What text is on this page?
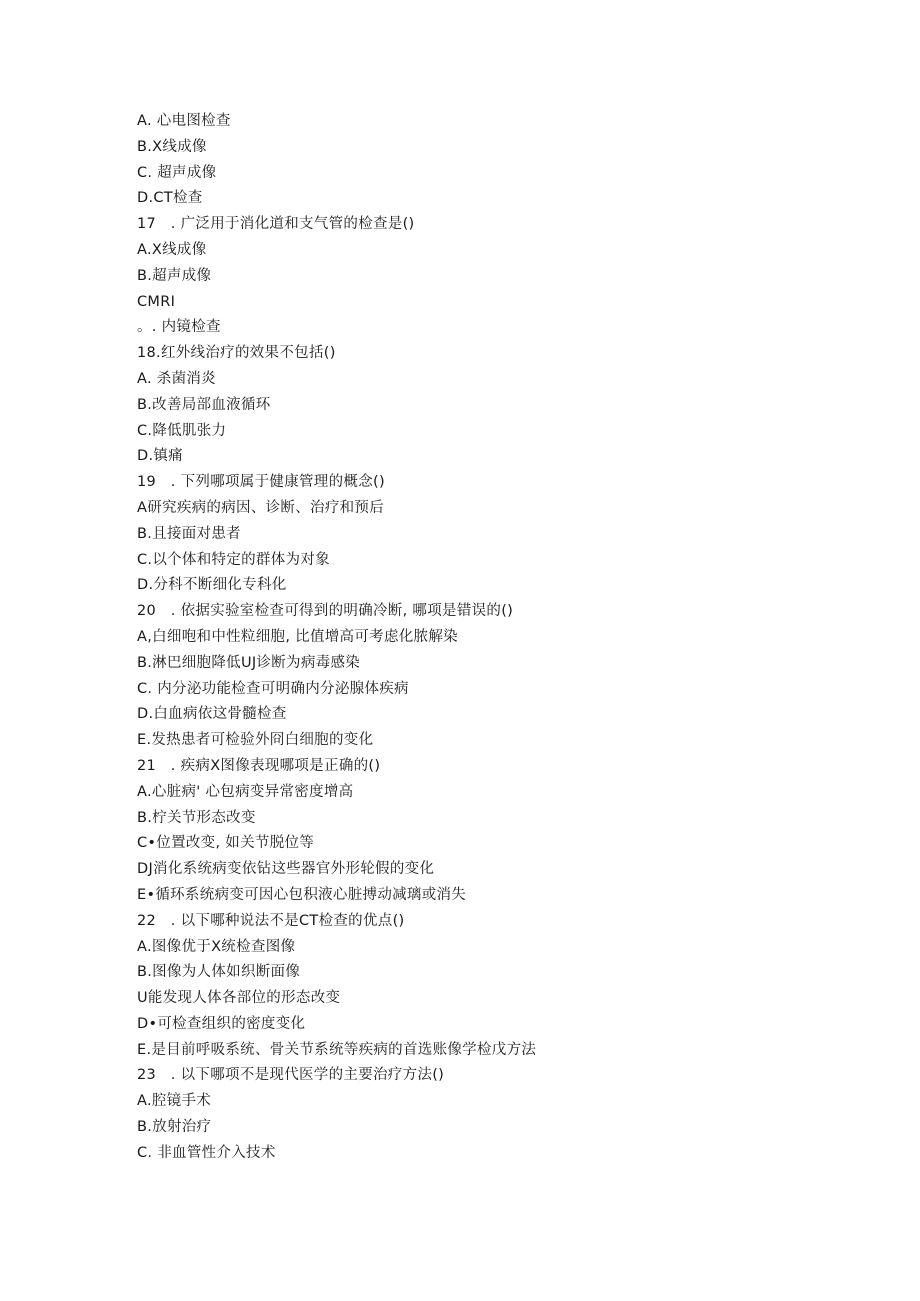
A. 心电图检查
B.X线成像
C. 超声成像
D.CT检查
17   . 广泛用于消化道和支气管的检查是()
A.X线成像
B.超声成像
CMRI
。. 内镜检查
18.红外线治疗的效果不包括()
A. 杀菌消炎
B.改善局部血液循环
C.降低肌张力
D.镇痛
19   . 下列哪项属于健康管理的概念()
A研究疾病的病因、诊断、治疗和预后
B.且接面对患者
C.以个体和特定的群体为对象
D.分科不断细化专科化
20   . 依据实验室检查可得到的明确冷断, 哪项是错误的()
A,白细咆和中性粒细胞, 比值增高可考虑化脓解染
B.淋巴细胞降低UJ诊断为病毒感染
C. 内分泌功能检查可明确内分泌腺体疾病
D.白血病依这骨髓检查
E.发热患者可检验外冏白细胞的变化
21   . 疾病X图像表现哪项是正确的()
A.心脏病' 心包病变异常密度增高
B.柠关节形态改变
C•位置改变, 如关节脱位等
DJ消化系统病变依钻这些器官外形轮假的变化
E•循环系统病变可因心包积液心脏搏动减璃或消失
22   . 以下哪种说法不是CT检查的优点()
A.图像优于X统检查图像
B.图像为人体如织断面像
U能发现人体各部位的形态改变
D•可检查组织的密度变化
E.是目前呼吸系统、骨关节系统等疾病的首选账像学检戊方法
23   . 以下哪项不是现代医学的主要治疗方法()
A.腔镜手术
B.放射治疗
C. 非血管性介入技术
